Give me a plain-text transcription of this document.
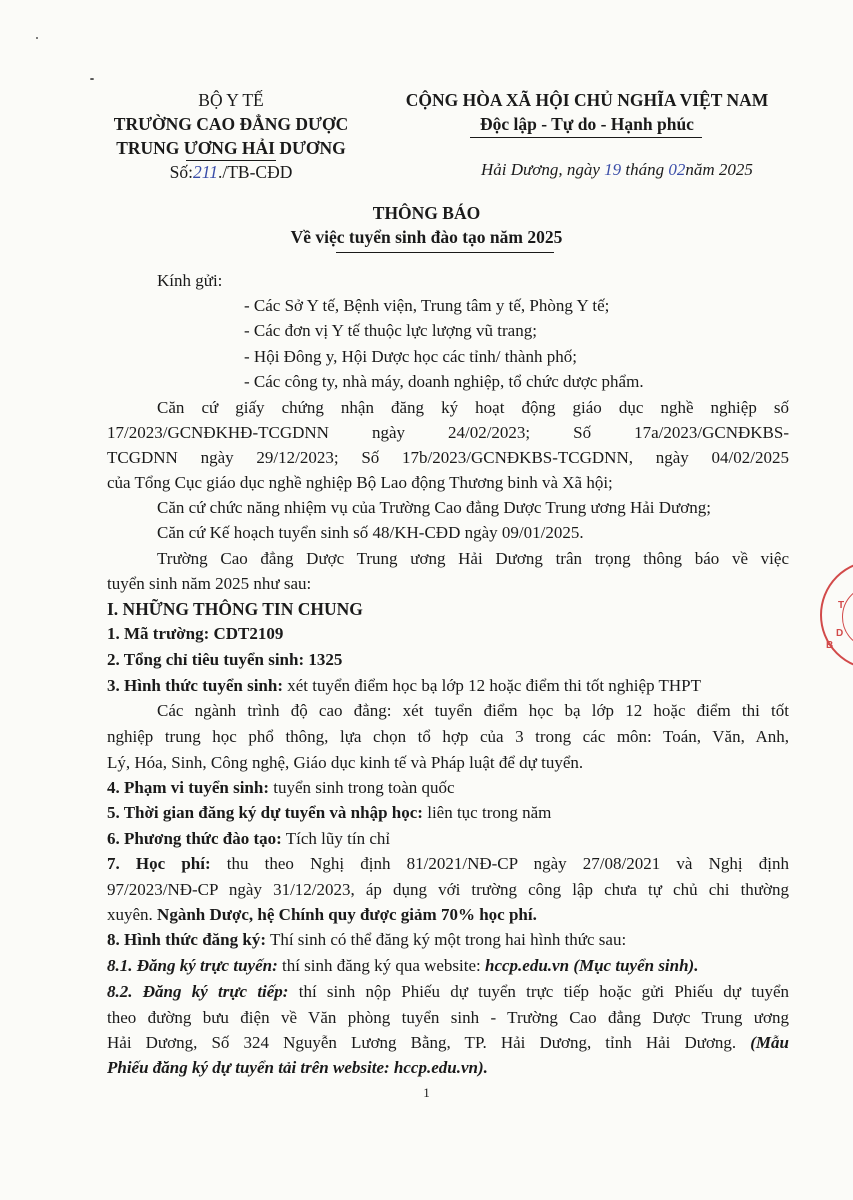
BỘ Y TẾ
TRƯỜNG CAO ĐẲNG DƯỢC
TRUNG ƯƠNG HẢI DƯƠNG
Số:211./TB-CĐD
CỘNG HÒA XÃ HỘI CHỦ NGHĨA VIỆT NAM
Độc lập - Tự do - Hạnh phúc
Hải Dương, ngày 19 tháng 02năm 2025
THÔNG BÁO
Về việc tuyển sinh đào tạo năm 2025
Kính gửi:
- Các Sở Y tế, Bệnh viện, Trung tâm y tế, Phòng Y tế;
- Các đơn vị Y tế thuộc lực lượng vũ trang;
- Hội Đông y, Hội Dược học các tỉnh/ thành phố;
- Các công ty, nhà máy, doanh nghiệp, tổ chức dược phẩm.
Căn cứ giấy chứng nhận đăng ký hoạt động giáo dục nghề nghiệp số
17/2023/GCNĐKHĐ-TCGDNN ngày 24/02/2023; Số 17a/2023/GCNĐKBS-
TCGDNN ngày 29/12/2023; Số 17b/2023/GCNĐKBS-TCGDNN, ngày 04/02/2025
của Tổng Cục giáo dục nghề nghiệp Bộ Lao động Thương binh và Xã hội;
Căn cứ chức năng nhiệm vụ của Trường Cao đẳng Dược Trung ương Hải Dương;
Căn cứ Kế hoạch tuyển sinh số 48/KH-CĐD ngày 09/01/2025.
Trường Cao đẳng Dược Trung ương Hải Dương trân trọng thông báo về việc
tuyển sinh năm 2025 như sau:
I. NHỮNG THÔNG TIN CHUNG
1. Mã trường: CDT2109
2. Tổng chỉ tiêu tuyển sinh: 1325
3. Hình thức tuyển sinh: xét tuyển điểm học bạ lớp 12 hoặc điểm thi tốt nghiệp THPT
Các ngành trình độ cao đẳng: xét tuyển điểm học bạ lớp 12 hoặc điểm thi tốt
nghiệp trung học phổ thông, lựa chọn tổ hợp của 3 trong các môn: Toán, Văn, Anh,
Lý, Hóa, Sinh, Công nghệ, Giáo dục kinh tế và Pháp luật để dự tuyển.
4. Phạm vi tuyển sinh: tuyển sinh trong toàn quốc
5. Thời gian đăng ký dự tuyển và nhập học: liên tục trong năm
6. Phương thức đào tạo: Tích lũy tín chỉ
7. Học phí: thu theo Nghị định 81/2021/NĐ-CP ngày 27/08/2021 và Nghị định
97/2023/NĐ-CP ngày 31/12/2023, áp dụng với trường công lập chưa tự chủ chi thường
xuyên. Ngành Dược, hệ Chính quy được giảm 70% học phí.
8. Hình thức đăng ký: Thí sinh có thể đăng ký một trong hai hình thức sau:
8.1. Đăng ký trực tuyến: thí sinh đăng ký qua website: hccp.edu.vn (Mục tuyển sinh).
8.2. Đăng ký trực tiếp: thí sinh nộp Phiếu dự tuyển trực tiếp hoặc gửi Phiếu dự tuyển
theo đường bưu điện về Văn phòng tuyển sinh - Trường Cao đẳng Dược Trung ương
Hải Dương, Số 324 Nguyễn Lương Bằng, TP. Hải Dương, tỉnh Hải Dương. (Mẫu
Phiếu đăng ký dự tuyển tải trên website: hccp.edu.vn).
1
T
D
B
